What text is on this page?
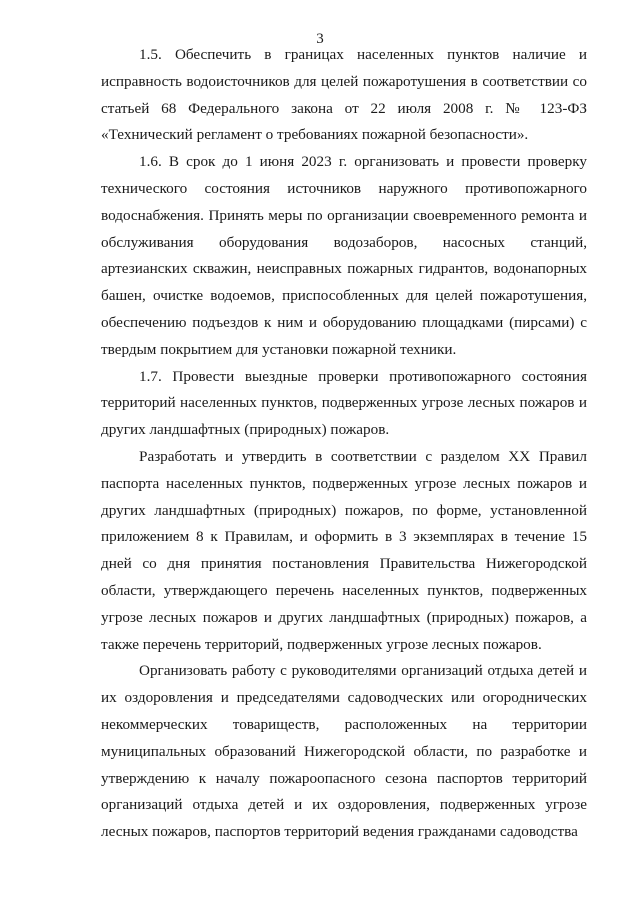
3

1.5. Обеспечить в границах населенных пунктов наличие и исправность водоисточников для целей пожаротушения в соответствии со статьей 68 Федерального закона от 22 июля 2008 г. № 123-ФЗ «Технический регламент о требованиях пожарной безопасности».

1.6. В срок до 1 июня 2023 г. организовать и провести проверку технического состояния источников наружного противопожарного водоснабжения. Принять меры по организации своевременного ремонта и обслуживания оборудования водозаборов, насосных станций, артезианских скважин, неисправных пожарных гидрантов, водонапорных башен, очистке водоемов, приспособленных для целей пожаротушения, обеспечению подъездов к ним и оборудованию площадками (пирсами) с твердым покрытием для установки пожарной техники.

1.7. Провести выездные проверки противопожарного состояния территорий населенных пунктов, подверженных угрозе лесных пожаров и других ландшафтных (природных) пожаров.

Разработать и утвердить в соответствии с разделом XX Правил паспорта населенных пунктов, подверженных угрозе лесных пожаров и других ландшафтных (природных) пожаров, по форме, установленной приложением 8 к Правилам, и оформить в 3 экземплярах в течение 15 дней со дня принятия постановления Правительства Нижегородской области, утверждающего перечень населенных пунктов, подверженных угрозе лесных пожаров и других ландшафтных (природных) пожаров, а также перечень территорий, подверженных угрозе лесных пожаров.

Организовать работу с руководителями организаций отдыха детей и их оздоровления и председателями садоводческих или огороднических некоммерческих товариществ, расположенных на территории муниципальных образований Нижегородской области, по разработке и утверждению к началу пожароопасного сезона паспортов территорий организаций отдыха детей и их оздоровления, подверженных угрозе лесных пожаров, паспортов территорий ведения гражданами садоводства
